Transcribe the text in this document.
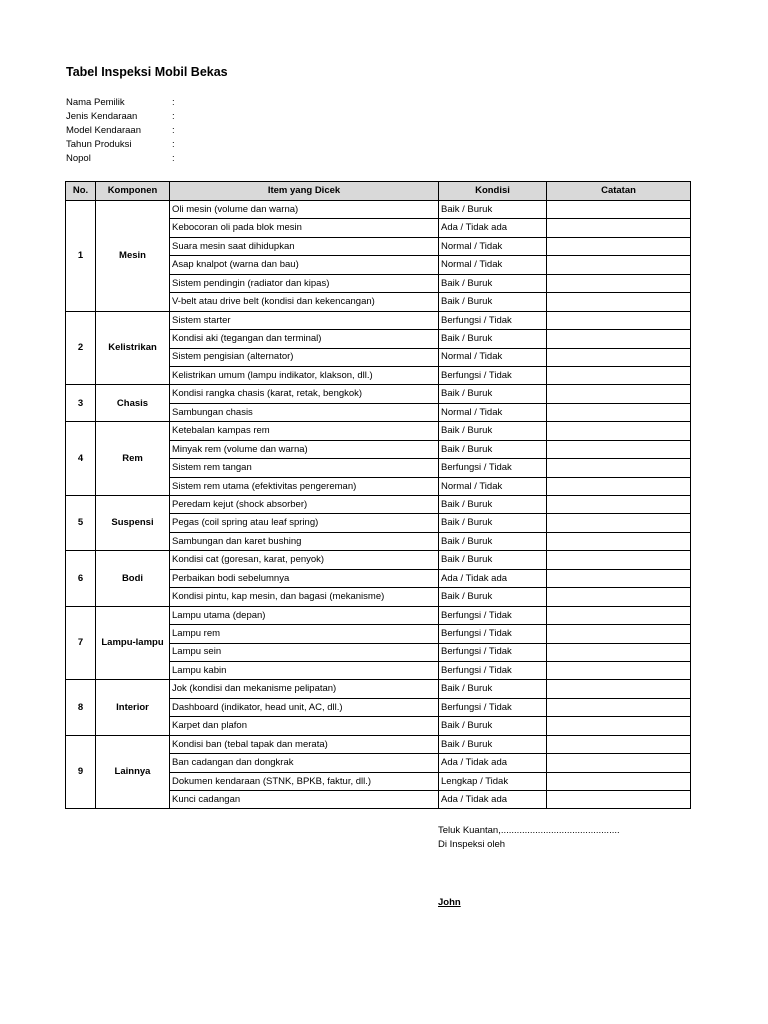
Tabel Inspeksi Mobil Bekas
Nama Pemilik	:
Jenis Kendaraan	:
Model Kendaraan	:
Tahun Produksi	:
Nopol	:
No.	Komponen	Item yang Dicek	Kondisi	Catatan
1	Mesin	Oli mesin (volume dan warna)	Baik / Buruk	
		Kebocoran oli pada blok mesin	Ada / Tidak ada	
		Suara mesin saat dihidupkan	Normal / Tidak	
		Asap knalpot (warna dan bau)	Normal / Tidak	
		Sistem pendingin (radiator dan kipas)	Baik / Buruk	
		V-belt atau drive belt (kondisi dan kekencangan)	Baik / Buruk	
2	Kelistrikan	Sistem starter	Berfungsi / Tidak	
		Kondisi aki (tegangan dan terminal)	Baik / Buruk	
		Sistem pengisian (alternator)	Normal / Tidak	
		Kelistrikan umum (lampu indikator, klakson, dll.)	Berfungsi / Tidak	
3	Chasis	Kondisi rangka chasis (karat, retak, bengkok)	Baik / Buruk	
		Sambungan chasis	Normal / Tidak	
4	Rem	Ketebalan kampas rem	Baik / Buruk	
		Minyak rem (volume dan warna)	Baik / Buruk	
		Sistem rem tangan	Berfungsi / Tidak	
		Sistem rem utama (efektivitas pengereman)	Normal / Tidak	
5	Suspensi	Peredam kejut (shock absorber)	Baik / Buruk	
		Pegas (coil spring atau leaf spring)	Baik / Buruk	
		Sambungan dan karet bushing	Baik / Buruk	
6	Bodi	Kondisi cat (goresan, karat, penyok)	Baik / Buruk	
		Perbaikan bodi sebelumnya	Ada / Tidak ada	
		Kondisi pintu, kap mesin, dan bagasi (mekanisme)	Baik / Buruk	
7	Lampu-lampu	Lampu utama (depan)	Berfungsi / Tidak	
		Lampu rem	Berfungsi / Tidak	
		Lampu sein	Berfungsi / Tidak	
		Lampu kabin	Berfungsi / Tidak	
8	Interior	Jok (kondisi dan mekanisme pelipatan)	Baik / Buruk	
		Dashboard (indikator, head unit, AC, dll.)	Berfungsi / Tidak	
		Karpet dan plafon	Baik / Buruk	
9	Lainnya	Kondisi ban (tebal tapak dan merata)	Baik / Buruk	
		Ban cadangan dan dongkrak	Ada / Tidak ada	
		Dokumen kendaraan (STNK, BPKB, faktur, dll.)	Lengkap / Tidak	
		Kunci cadangan	Ada / Tidak ada	
Teluk Kuantan,.............................................
Di Inspeksi oleh
John
